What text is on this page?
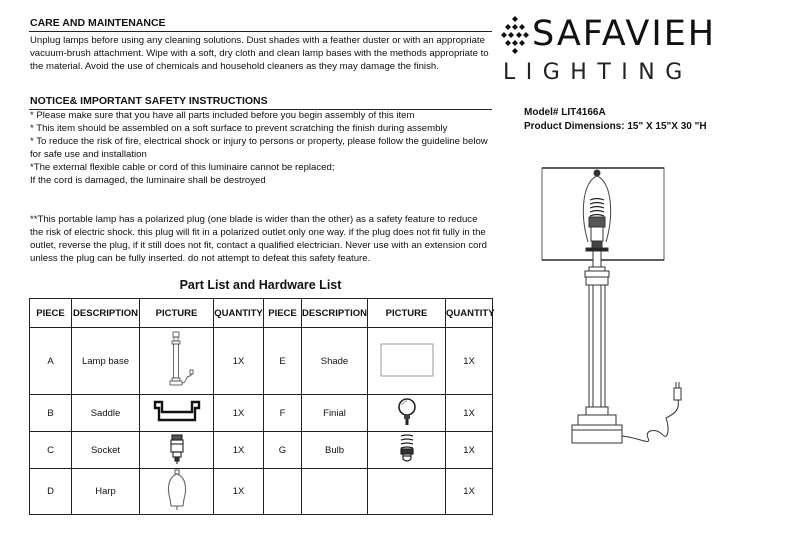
CARE AND MAINTENANCE
Unplug lamps before using any cleaning solutions. Dust shades with a feather duster or with an appropriate
vacuum-brush attachment. Wipe with a soft, dry cloth and clean lamp bases with the methods appropriate to
the material. Avoid the use of chemicals and household cleaners as they may damage the finish.
NOTICE& IMPORTANT SAFETY INSTRUCTIONS
* Please make sure that you have all parts included before you begin assembly of this item
* This item should be assembled on a soft surface to prevent scratching the finish during assembly
* To reduce the risk of fire, electrical shock or injury to persons or property, please follow the guideline below
for safe use and installation
*The external flexible cable or cord of this luminaire cannot be replaced;
If the cord is damaged, the luminaire shall be destroyed
**This portable lamp has a polarized plug (one blade is wider than the other) as a safety feature to reduce
the risk of electric shock. this plug will fit in a polarized outlet only one way. if the plug does not fit fully in the
outlet, reverse the plug, if it still does not fit, contact a qualified electrician. Never use with an extension cord
unless the plug can be fully inserted. do not attempt to defeat this safety feature.
Part List and Hardware List
PIECE	DESCRIPTION	PICTURE	QUANTITY	PIECE	DESCRIPTION	PICTURE	QUANTITY
A	Lamp base		1X	E	Shade		1X
B	Saddle		1X	F	Finial		1X
C	Socket		1X	G	Bulb		1X
D	Harp		1X				1X
SAFAVIEH
LIGHTING
Model# LIT4166A
Product Dimensions: 15" X 15"X 30 "H
